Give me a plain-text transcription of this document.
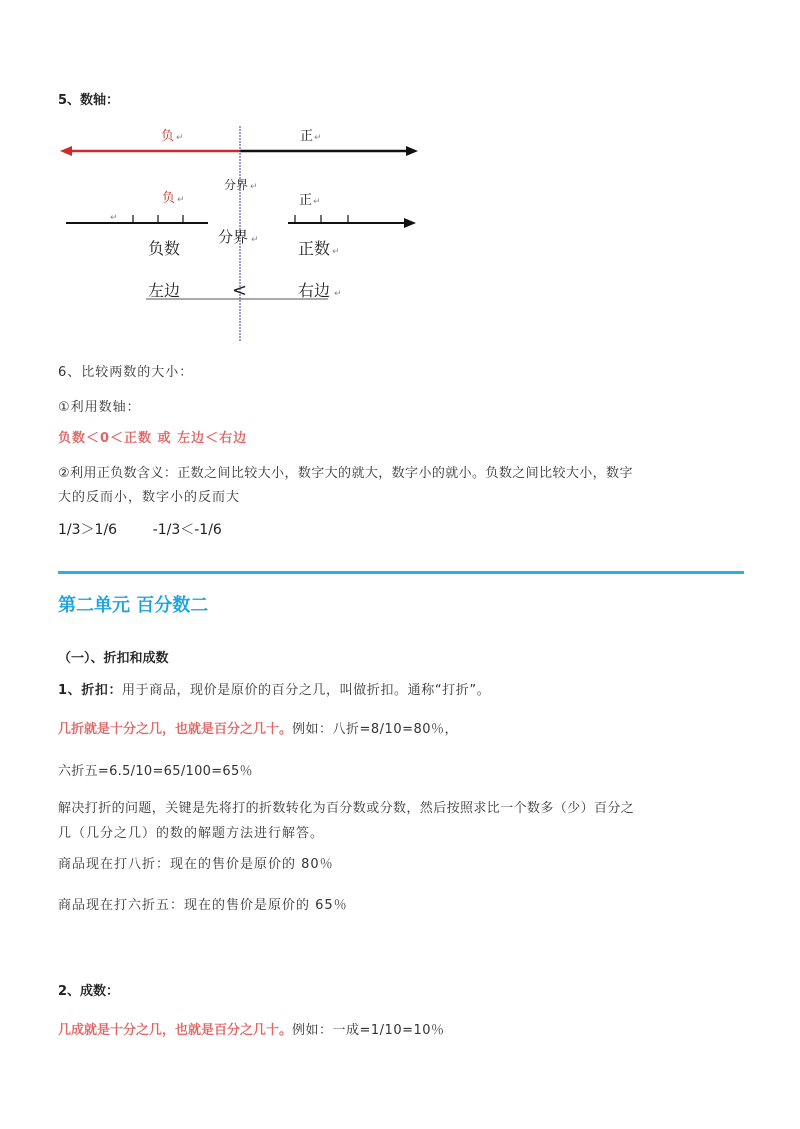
5、数轴：

负 ↵	正 ↵
分界 ↵
负 ↵	正 ↵
↵
分界 ↵
负数	正数 ↵
左边	<	右边 ↵

6、比较两数的大小：

①利用数轴：

负数＜0＜正数 或 左边＜右边

②利用正负数含义：正数之间比较大小，数字大的就大，数字小的就小。负数之间比较大小，数字

大的反而小，数字小的反而大

1/3＞1/6        -1/3＜-1/6

第二单元 百分数二

（一）、折扣和成数

1、折扣：用于商品，现价是原价的百分之几，叫做折扣。通称“打折”。

几折就是十分之几，也就是百分之几十。例如：八折=8/10=80％，

六折五=6.5/10=65/100=65％

解决打折的问题，关键是先将打的折数转化为百分数或分数，然后按照求比一个数多（少）百分之

几（几分之几）的数的解题方法进行解答。

商品现在打八折：现在的售价是原价的 80％

商品现在打六折五：现在的售价是原价的 65％

2、成数：

几成就是十分之几，也就是百分之几十。例如：一成=1/10=10％
